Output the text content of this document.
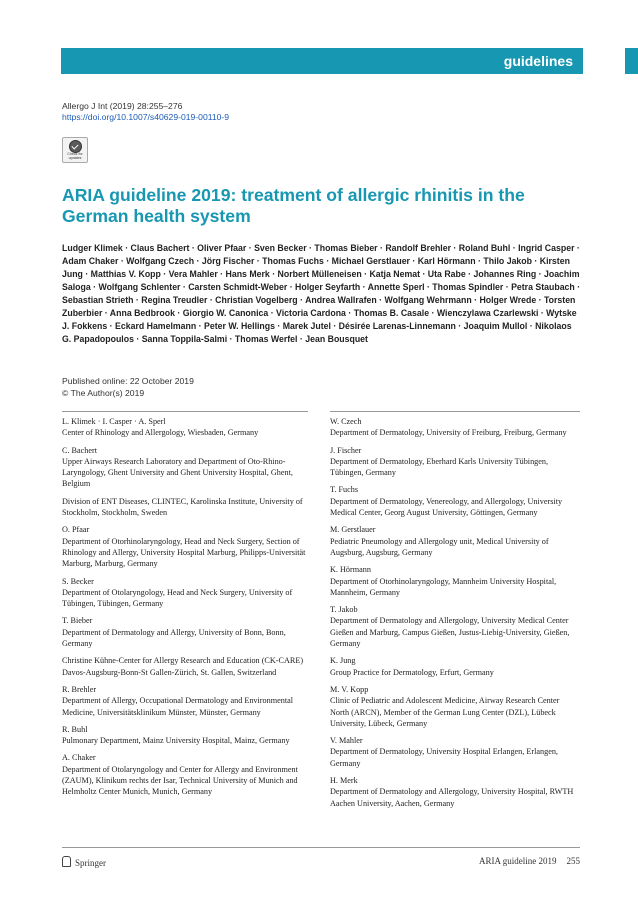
guidelines
Allergo J Int (2019) 28:255–276
https://doi.org/10.1007/s40629-019-00110-9
Check for updates
ARIA guideline 2019: treatment of allergic rhinitis in the German health system

Ludger Klimek · Claus Bachert · Oliver Pfaar · Sven Becker · Thomas Bieber · Randolf Brehler · Roland Buhl · Ingrid Casper · Adam Chaker · Wolfgang Czech · Jörg Fischer · Thomas Fuchs · Michael Gerstlauer · Karl Hörmann · Thilo Jakob · Kirsten Jung · Matthias V. Kopp · Vera Mahler · Hans Merk · Norbert Mülleneisen · Katja Nemat · Uta Rabe · Johannes Ring · Joachim Saloga · Wolfgang Schlenter · Carsten Schmidt-Weber · Holger Seyfarth · Annette Sperl · Thomas Spindler · Petra Staubach · Sebastian Strieth · Regina Treudler · Christian Vogelberg · Andrea Wallrafen · Wolfgang Wehrmann · Holger Wrede · Torsten Zuberbier · Anna Bedbrook · Giorgio W. Canonica · Victoria Cardona · Thomas B. Casale · Wienczylawa Czarlewski · Wytske J. Fokkens · Eckard Hamelmann · Peter W. Hellings · Marek Jutel · Désirée Larenas-Linnemann · Joaquim Mullol · Nikolaos G. Papadopoulos · Sanna Toppila-Salmi · Thomas Werfel · Jean Bousquet

Published online: 22 October 2019
© The Author(s) 2019
L. Klimek · I. Casper · A. Sperl
Center of Rhinology and Allergology, Wiesbaden, Germany
C. Bachert
Upper Airways Research Laboratory and Department of Oto-Rhino-Laryngology, Ghent University and Ghent University Hospital, Ghent, Belgium
Division of ENT Diseases, CLINTEC, Karolinska Institute, University of Stockholm, Stockholm, Sweden
O. Pfaar
Department of Otorhinolaryngology, Head and Neck Surgery, Section of Rhinology and Allergy, University Hospital Marburg, Philipps-Universität Marburg, Marburg, Germany
S. Becker
Department of Otolaryngology, Head and Neck Surgery, University of Tübingen, Tübingen, Germany
T. Bieber
Department of Dermatology and Allergy, University of Bonn, Bonn, Germany
Christine Kühne-Center for Allergy Research and Education (CK-CARE) Davos-Augsburg-Bonn-St Gallen-Zürich, St. Gallen, Switzerland
R. Brehler
Department of Allergy, Occupational Dermatology and Environmental Medicine, Universitätsklinikum Münster, Münster, Germany
R. Buhl
Pulmonary Department, Mainz University Hospital, Mainz, Germany
A. Chaker
Department of Otolaryngology and Center for Allergy and Environment (ZAUM), Klinikum rechts der Isar, Technical University of Munich and Helmholtz Center Munich, Munich, Germany
W. Czech
Department of Dermatology, University of Freiburg, Freiburg, Germany
J. Fischer
Department of Dermatology, Eberhard Karls University Tübingen, Tübingen, Germany
T. Fuchs
Department of Dermatology, Venereology, and Allergology, University Medical Center, Georg August University, Göttingen, Germany
M. Gerstlauer
Pediatric Pneumology and Allergology unit, Medical University of Augsburg, Augsburg, Germany
K. Hörmann
Department of Otorhinolaryngology, Mannheim University Hospital, Mannheim, Germany
T. Jakob
Department of Dermatology and Allergology, University Medical Center Gießen and Marburg, Campus Gießen, Justus-Liebig-University, Gießen, Germany
K. Jung
Group Practice for Dermatology, Erfurt, Germany
M. V. Kopp
Clinic of Pediatric and Adolescent Medicine, Airway Research Center North (ARCN), Member of the German Lung Center (DZL), Lübeck University, Lübeck, Germany
V. Mahler
Department of Dermatology, University Hospital Erlangen, Erlangen, Germany
H. Merk
Department of Dermatology and Allergology, University Hospital, RWTH Aachen University, Aachen, Germany
Springer	ARIA guideline 2019 255
